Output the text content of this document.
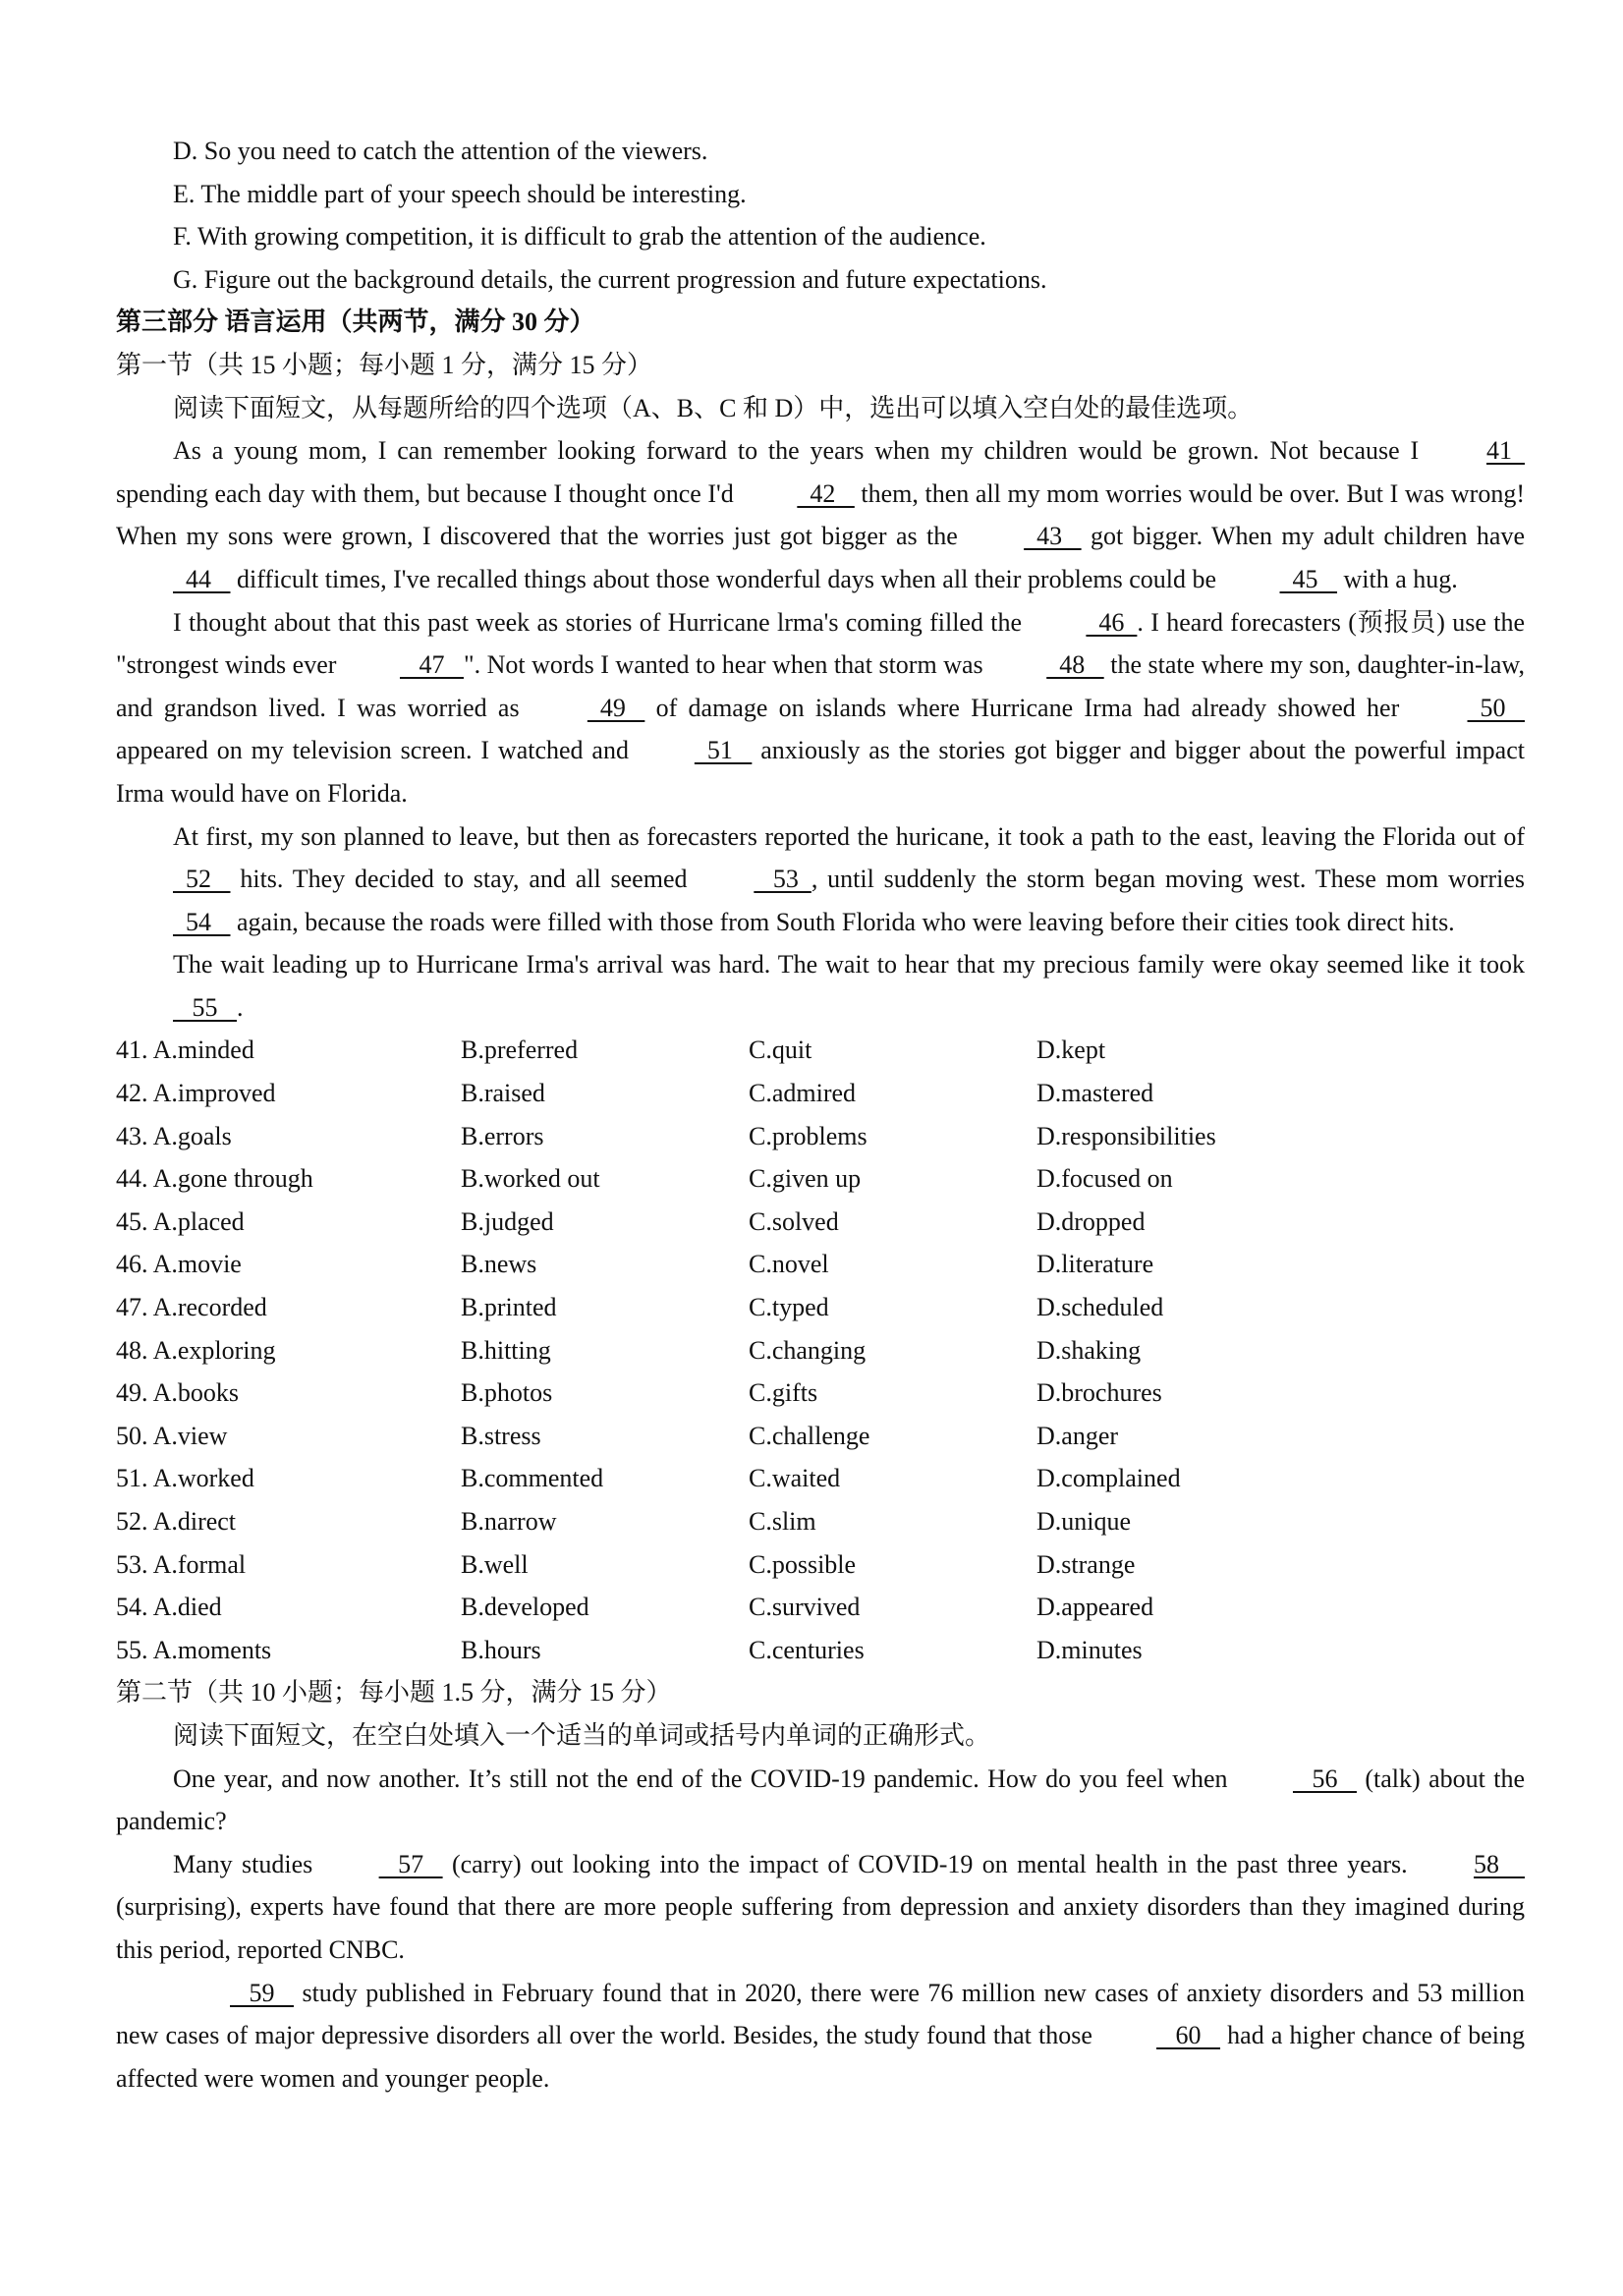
D. So you need to catch the attention of the viewers.
E. The middle part of your speech should be interesting.
F. With growing competition, it is difficult to grab the attention of the audience.
G. Figure out the background details, the current progression and future expectations.
第三部分 语言运用（共两节，满分 30 分）
第一节（共 15 小题；每小题 1 分，满分 15 分）
阅读下面短文，从每题所给的四个选项（A、B、C 和 D）中，选出可以填入空白处的最佳选项。

As a young mom, I can remember looking forward to the years when my children would be grown. Not because I 41   spending each day with them, but because I thought once I'd   42    them, then all my mom worries would be over. But I was wrong! When my sons were grown, I discovered that the worries just got bigger as the   43    got bigger. When my adult children have   44    difficult times, I've recalled things about those wonderful days when all their problems could be   45    with a hug.

I thought about that this past week as stories of Hurricane lrma's coming filled the   46  . I heard forecasters (预报员) use the "strongest winds ever    47   ". Not words I wanted to hear when that storm was   48    the state where my son, daughter-in-law, and grandson lived. I was worried as   49    of damage on islands where Hurricane Irma had already showed her   50    appeared on my television screen. I watched and   51    anxiously as the stories got bigger and bigger about the powerful impact Irma would have on Florida.

At first, my son planned to leave, but then as forecasters reported the huricane, it took a path to the east, leaving the Florida out of   52    hits. They decided to stay, and all seemed    53  , until suddenly the storm began moving west. These mom worries   54    again, because the roads were filled with those from South Florida who were leaving before their cities took direct hits.

The wait leading up to Hurricane Irma's arrival was hard. The wait to hear that my precious family were okay seemed like it took    55   .

41. A.minded	B.preferred	C.quit	D.kept
42. A.improved	B.raised	C.admired	D.mastered
43. A.goals	B.errors	C.problems	D.responsibilities
44. A.gone through	B.worked out	C.given up	D.focused on
45. A.placed	B.judged	C.solved	D.dropped
46. A.movie	B.news	C.novel	D.literature
47. A.recorded	B.printed	C.typed	D.scheduled
48. A.exploring	B.hitting	C.changing	D.shaking
49. A.books	B.photos	C.gifts	D.brochures
50. A.view	B.stress	C.challenge	D.anger
51. A.worked	B.commented	C.waited	D.complained
52. A.direct	B.narrow	C.slim	D.unique
53. A.formal	B.well	C.possible	D.strange
54. A.died	B.developed	C.survived	D.appeared
55. A.moments	B.hours	C.centuries	D.minutes
第二节（共 10 小题；每小题 1.5 分，满分 15 分）
阅读下面短文，在空白处填入一个适当的单词或括号内单词的正确形式。

One year, and now another. It’s still not the end of the COVID-19 pandemic. How do you feel when    56    (talk) about the pandemic?

Many studies    57    (carry) out looking into the impact of COVID-19 on mental health in the past three years. 58     (surprising), experts have found that there are more people suffering from depression and anxiety disorders than they imagined during this period, reported CNBC.

59    study published in February found that in 2020, there were 76 million new cases of anxiety disorders and 53 million new cases of major depressive disorders all over the world. Besides, the study found that those    60    had a higher chance of being affected were women and younger people.
